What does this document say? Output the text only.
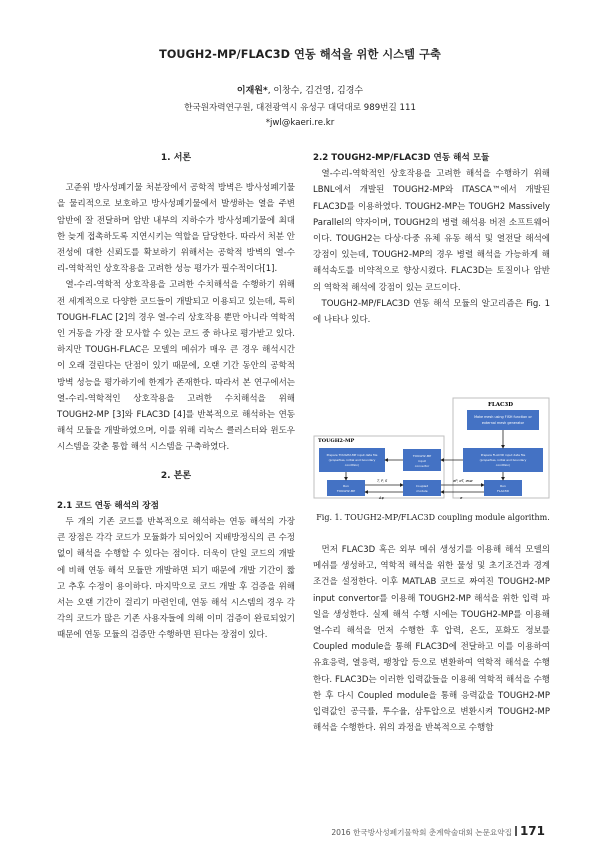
TOUGH2-MP/FLAC3D 연동 해석을 위한 시스템 구축
이재원*, 이창수, 김건영, 김경수
한국원자력연구원, 대전광역시 유성구 대덕대로 989번길 111
*jwl@kaeri.re.kr
1. 서론

고준위 방사성폐기물 처분장에서 공학적 방벽은 방사성폐기물을 물리적으로 보호하고 방사성폐기물에서 발생하는 열을 주변 암반에 잘 전달하며 암반 내부의 지하수가 방사성폐기물에 최대한 늦게 접촉하도록 지연시키는 역할을 담당한다. 따라서 처분 안전성에 대한 신뢰도를 확보하기 위해서는 공학적 방벽의 열-수리-역학적인 상호작용을 고려한 성능 평가가 필수적이다[1].

열-수리-역학적 상호작용을 고려한 수치해석을 수행하기 위해 전 세계적으로 다양한 코드들이 개발되고 이용되고 있는데, 특히 TOUGH-FLAC [2]의 경우 열-수리 상호작용 뿐만 아니라 역학적인 거동을 가장 잘 모사할 수 있는 코드 중 하나로 평가받고 있다. 하지만 TOUGH-FLAC은 모델의 메쉬가 매우 큰 경우 해석시간이 오래 걸린다는 단점이 있기 때문에, 오랜 기간 동안의 공학적 방벽 성능을 평가하기에 한계가 존재한다. 따라서 본 연구에서는 열-수리-역학적인 상호작용을 고려한 수치해석을 위해 TOUGH2-MP [3]와 FLAC3D [4]를 반복적으로 해석하는 연동 해석 모듈을 개발하였으며, 이를 위해 리눅스 클러스터와 윈도우 시스템을 갖춘 통합 해석 시스템을 구축하였다.

2. 본론
2.1 코드 연동 해석의 장점

두 개의 기존 코드를 반복적으로 해석하는 연동 해석의 가장 큰 장점은 각각 코드가 모듈화가 되어있어 지배방정식의 큰 수정 없이 해석을 수행할 수 있다는 점이다. 더욱이 단일 코드의 개발에 비해 연동 해석 모듈만 개발하면 되기 때문에 개발 기간이 짧고 추후 수정이 용이하다. 마지막으로 코드 개발 후 검증을 위해서는 오랜 기간이 걸리기 마련인데, 연동 해석 시스템의 경우 각각의 코드가 많은 기존 사용자들에 의해 이미 검증이 완료되었기 때문에 연동 모듈의 검증만 수행하면 된다는 장점이 있다.

2.2 TOUGH2-MP/FLAC3D 연동 해석 모듈

열-수리-역학적인 상호작용을 고려한 해석을 수행하기 위해 LBNL에서 개발된 TOUGH2-MP와 ITASCA™에서 개발된 FLAC3D를 이용하였다. TOUGH2-MP는 TOUGH2 Massively Parallel의 약자이며, TOUGH2의 병렬 해석용 버전 소프트웨어이다. TOUGH2는 다상·다중 유체 유동 해석 및 열전달 해석에 강점이 있는데, TOUGH2-MP의 경우 병렬 해석을 가능하게 해 해석속도를 비약적으로 향상시켰다. FLAC3D는 토질이나 암반의 역학적 해석에 강점이 있는 코드이다.

TOUGH2-MP/FLAC3D 연동 해석 모듈의 알고리즘은 Fig. 1에 나타나 있다.

FLAC3D
TOUGH2-MP
Make mesh using FISH function or
external mesh generator
Prepare TOUGH2-MP input data file
(properties, initial and boundary
condition)
TOUGH2-MP
input
convertor
Prepare FLAC3D input data file
(properties, initial and boundary
condition)
Run
TOUGH2-MP
Coupled
module
Run
FLAC3D
T, P, S
Δφ
σP, σT, σsw
σ
Fig. 1. TOUGH2-MP/FLAC3D coupling module algorithm.

먼저 FLAC3D 혹은 외부 메쉬 생성기를 이용해 해석 모델의 메쉬를 생성하고, 역학적 해석을 위한 물성 및 초기조건과 경계조건을 설정한다. 이후 MATLAB 코드로 짜여진 TOUGH2-MP input convertor를 이용해 TOUGH2-MP 해석을 위한 입력 파일을 생성한다. 실제 해석 수행 시에는 TOUGH2-MP를 이용해 열-수리 해석을 먼저 수행한 후 압력, 온도, 포화도 정보를 Coupled module을 통해 FLAC3D에 전달하고 이를 이용하여 유효응력, 열응력, 팽창압 등으로 변환하여 역학적 해석을 수행한다. FLAC3D는 이러한 입력값들을 이용해 역학적 해석을 수행한 후 다시 Coupled module을 통해 응력값을 TOUGH2-MP 입력값인 공극률, 투수율, 삼투압으로 변환시켜 TOUGH2-MP 해석을 수행한다. 위의 과정을 반복적으로 수행함

2016 한국방사성폐기물학회 춘계학술대회 논문요약집 171
